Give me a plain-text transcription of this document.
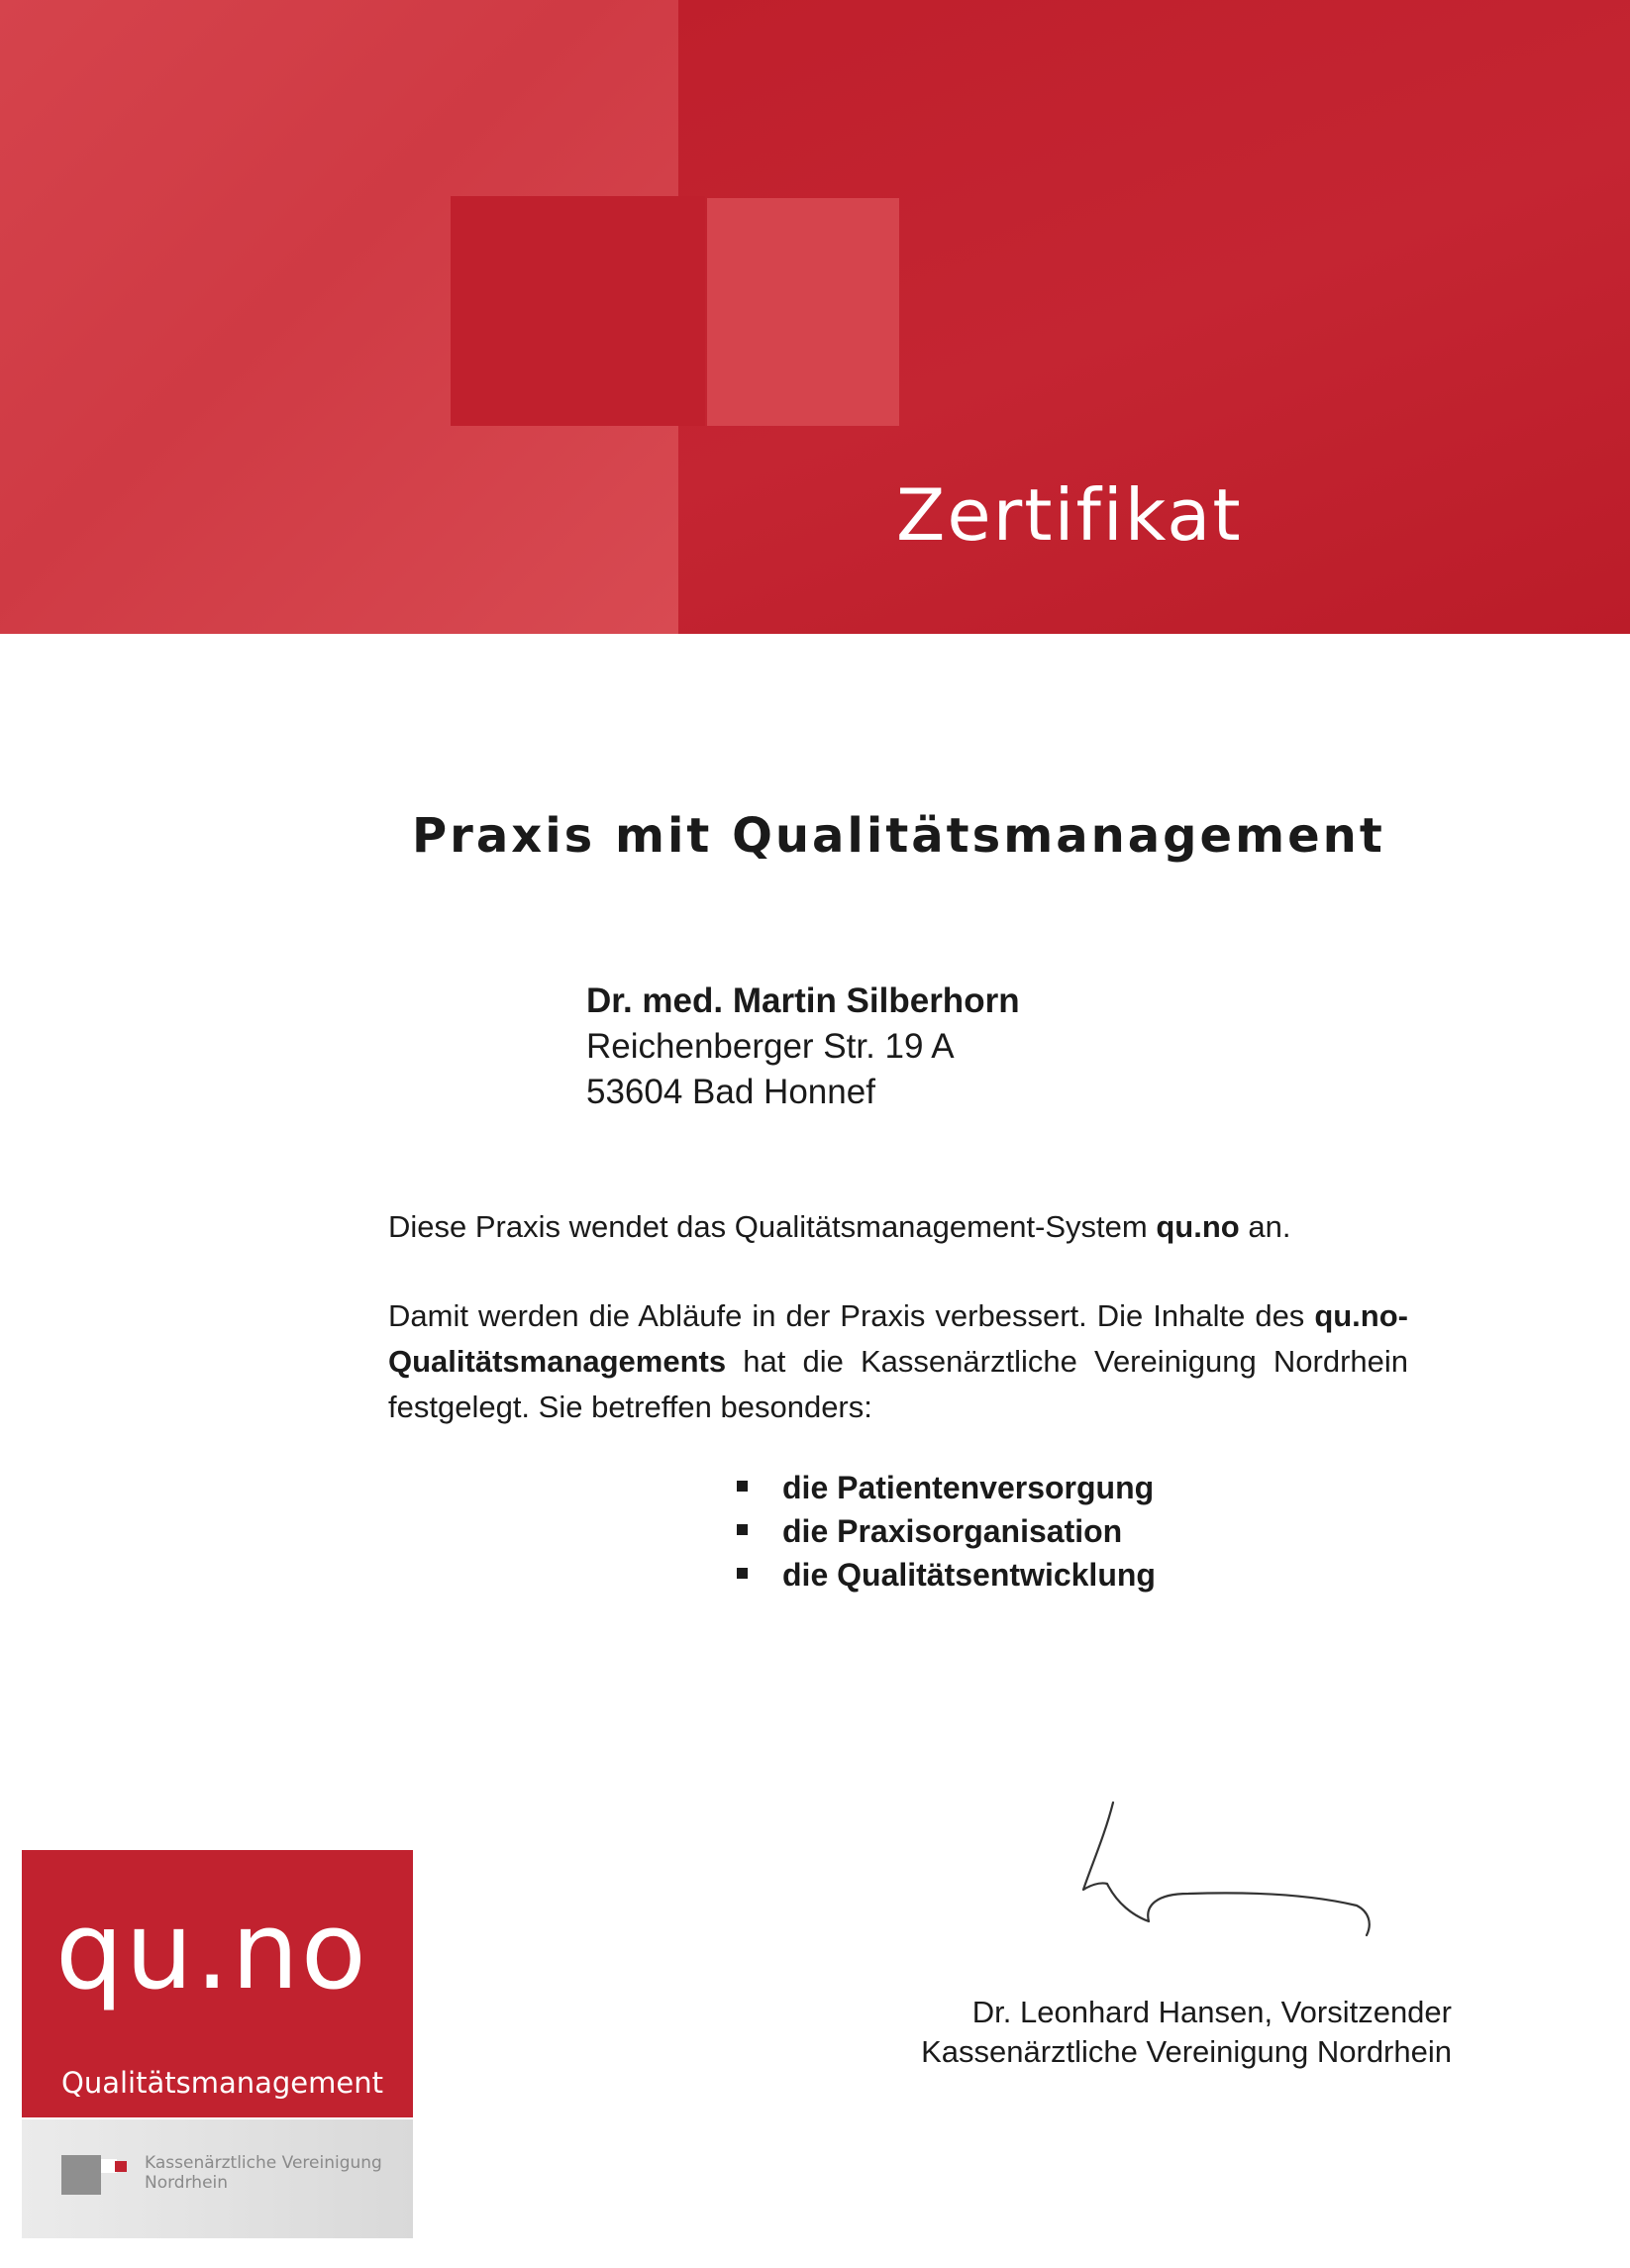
Zertifikat
Praxis mit Qualitätsmanagement
Dr. med. Martin Silberhorn
Reichenberger Str. 19 A
53604 Bad Honnef
Diese Praxis wendet das Qualitätsmanagement-System qu.no an.
Damit werden die Abläufe in der Praxis verbessert. Die Inhalte des qu.no-Qualitätsmanagements hat die Kassenärztliche Vereinigung Nordrhein festgelegt. Sie betreffen besonders:
die Patientenversorgung
die Praxisorganisation
die Qualitätsentwicklung
Dr. Leonhard Hansen, Vorsitzender
Kassenärztliche Vereinigung Nordrhein
qu.no
Qualitätsmanagement
Kassenärztliche Vereinigung
Nordrhein
